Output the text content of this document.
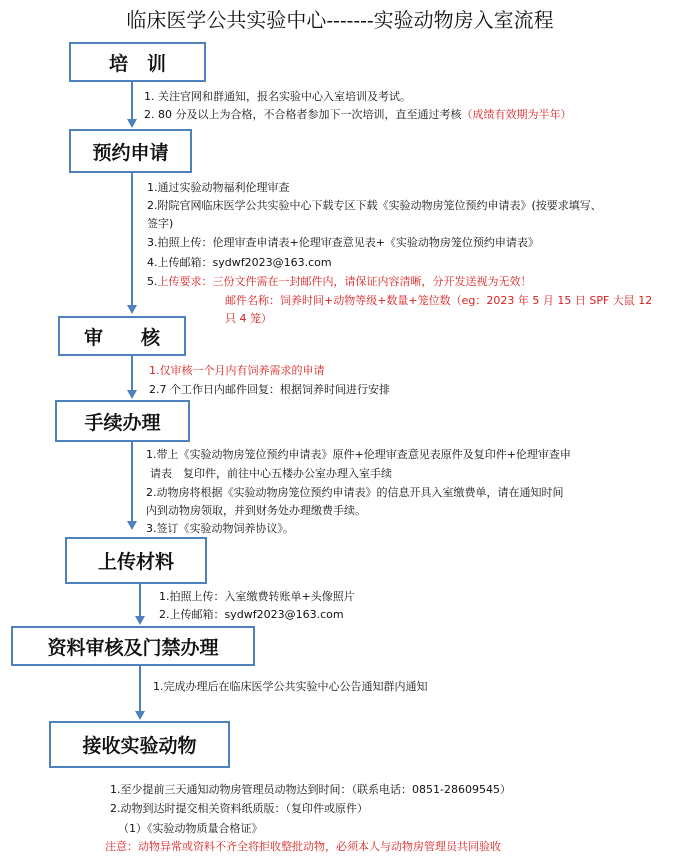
临床医学公共实验中心-------实验动物房入室流程
培　训
1. 关注官网和群通知，报名实验中心入室培训及考试。
2. 80 分及以上为合格，不合格者参加下一次培训，直至通过考核（成绩有效期为半年）
预约申请
1.通过实验动物福利伦理审查
2.附院官网临床医学公共实验中心下载专区下载《实验动物房笼位预约申请表》(按要求填写、
签字)
3.拍照上传：伦理审查申请表+伦理审查意见表+《实验动物房笼位预约申请表》
4.上传邮箱：sydwf2023@163.com
5.上传要求：三份文件需在一封邮件内，请保证内容清晰，分开发送视为无效！
邮件名称：饲养时间+动物等级+数量+笼位数（eg：2023 年 5 月 15 日 SPF 大鼠 12
只 4 笼）
审　　核
1.仅审核一个月内有饲养需求的申请
2.7 个工作日内邮件回复：根据饲养时间进行安排
手续办理
1.带上《实验动物房笼位预约申请表》原件+伦理审查意见表原件及复印件+伦理审查申
请表　复印件，前往中心五楼办公室办理入室手续
2.动物房将根据《实验动物房笼位预约申请表》的信息开具入室缴费单，请在通知时间
内到动物房领取，并到财务处办理缴费手续。
3.签订《实验动物饲养协议》。
上传材料
1.拍照上传：入室缴费转账单+头像照片
2.上传邮箱：sydwf2023@163.com
资料审核及门禁办理
1.完成办理后在临床医学公共实验中心公告通知群内通知
接收实验动物
1.至少提前三天通知动物房管理员动物达到时间：（联系电话：0851-28609545）
2.动物到达时提交相关资料纸质版：（复印件或原件）
（1）《实验动物质量合格证》
注意：动物异常或资料不齐全将拒收整批动物，必须本人与动物房管理员共同验收
